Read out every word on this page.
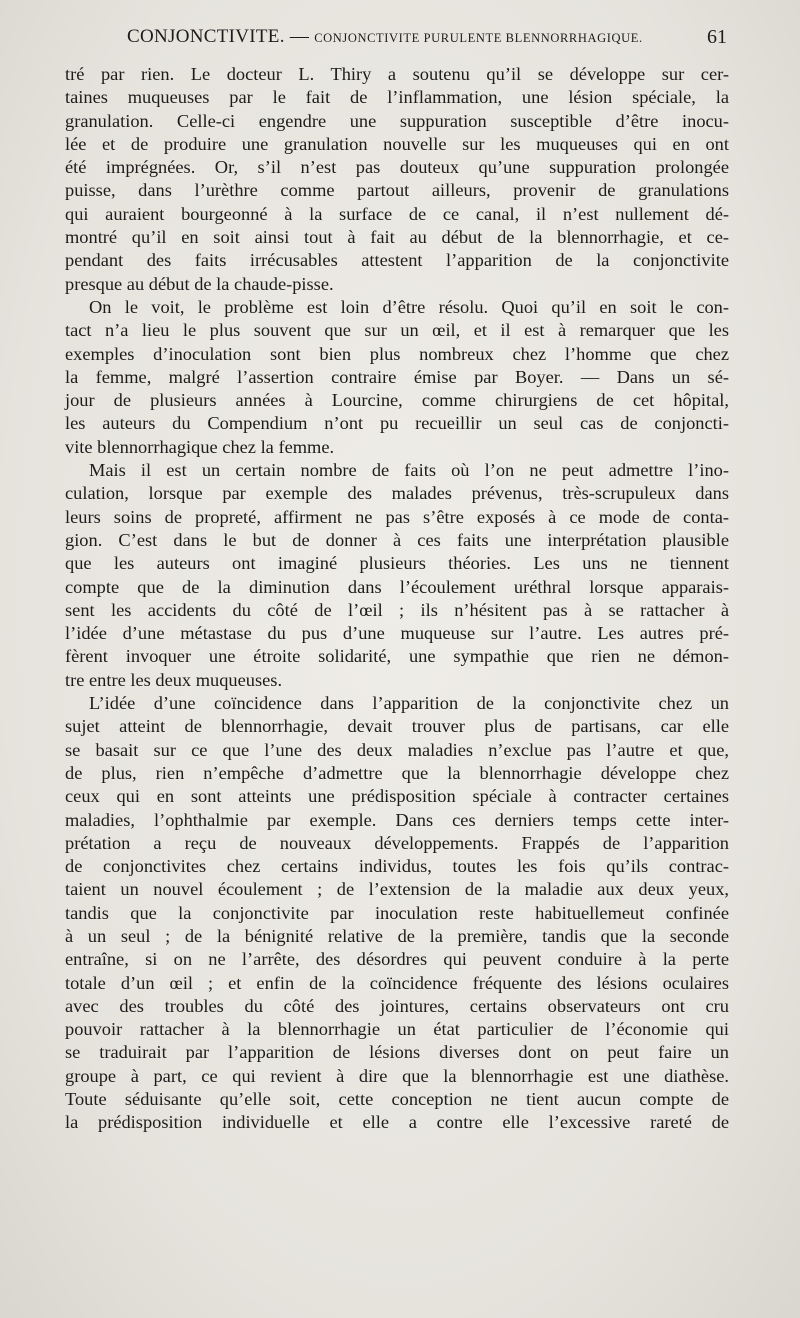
CONJONCTIVITE. — CONJONCTIVITE PURULENTE BLENNORRHAGIQUE.	61
tré par rien. Le docteur L. Thiry a soutenu qu’il se développe sur cer-
taines muqueuses par le fait de l’inflammation, une lésion spéciale, la
granulation. Celle-ci engendre une suppuration susceptible d’être inocu-
lée et de produire une granulation nouvelle sur les muqueuses qui en ont
été imprégnées. Or, s’il n’est pas douteux qu’une suppuration prolongée
puisse, dans l’urèthre comme partout ailleurs, provenir de granulations
qui auraient bourgeonné à la surface de ce canal, il n’est nullement dé-
montré qu’il en soit ainsi tout à fait au début de la blennorrhagie, et ce-
pendant des faits irrécusables attestent l’apparition de la conjonctivite
presque au début de la chaude-pisse.
On le voit, le problème est loin d’être résolu. Quoi qu’il en soit le con-
tact n’a lieu le plus souvent que sur un œil, et il est à remarquer que les
exemples d’inoculation sont bien plus nombreux chez l’homme que chez
la femme, malgré l’assertion contraire émise par Boyer. — Dans un sé-
jour de plusieurs années à Lourcine, comme chirurgiens de cet hôpital,
les auteurs du Compendium n’ont pu recueillir un seul cas de conjoncti-
vite blennorrhagique chez la femme.
Mais il est un certain nombre de faits où l’on ne peut admettre l’ino-
culation, lorsque par exemple des malades prévenus, très-scrupuleux dans
leurs soins de propreté, affirment ne pas s’être exposés à ce mode de conta-
gion. C’est dans le but de donner à ces faits une interprétation plausible
que les auteurs ont imaginé plusieurs théories. Les uns ne tiennent
compte que de la diminution dans l’écoulement uréthral lorsque apparais-
sent les accidents du côté de l’œil ; ils n’hésitent pas à se rattacher à
l’idée d’une métastase du pus d’une muqueuse sur l’autre. Les autres pré-
fèrent invoquer une étroite solidarité, une sympathie que rien ne démon-
tre entre les deux muqueuses.
L’idée d’une coïncidence dans l’apparition de la conjonctivite chez un
sujet atteint de blennorrhagie, devait trouver plus de partisans, car elle
se basait sur ce que l’une des deux maladies n’exclue pas l’autre et que,
de plus, rien n’empêche d’admettre que la blennorrhagie développe chez
ceux qui en sont atteints une prédisposition spéciale à contracter certaines
maladies, l’ophthalmie par exemple. Dans ces derniers temps cette inter-
prétation a reçu de nouveaux développements. Frappés de l’apparition
de conjonctivites chez certains individus, toutes les fois qu’ils contrac-
taient un nouvel écoulement ; de l’extension de la maladie aux deux yeux,
tandis que la conjonctivite par inoculation reste habituellemeut confinée
à un seul ; de la bénignité relative de la première, tandis que la seconde
entraîne, si on ne l’arrête, des désordres qui peuvent conduire à la perte
totale d’un œil ; et enfin de la coïncidence fréquente des lésions oculaires
avec des troubles du côté des jointures, certains observateurs ont cru
pouvoir rattacher à la blennorrhagie un état particulier de l’économie qui
se traduirait par l’apparition de lésions diverses dont on peut faire un
groupe à part, ce qui revient à dire que la blennorrhagie est une diathèse.
Toute séduisante qu’elle soit, cette conception ne tient aucun compte de
la prédisposition individuelle et elle a contre elle l’excessive rareté de
